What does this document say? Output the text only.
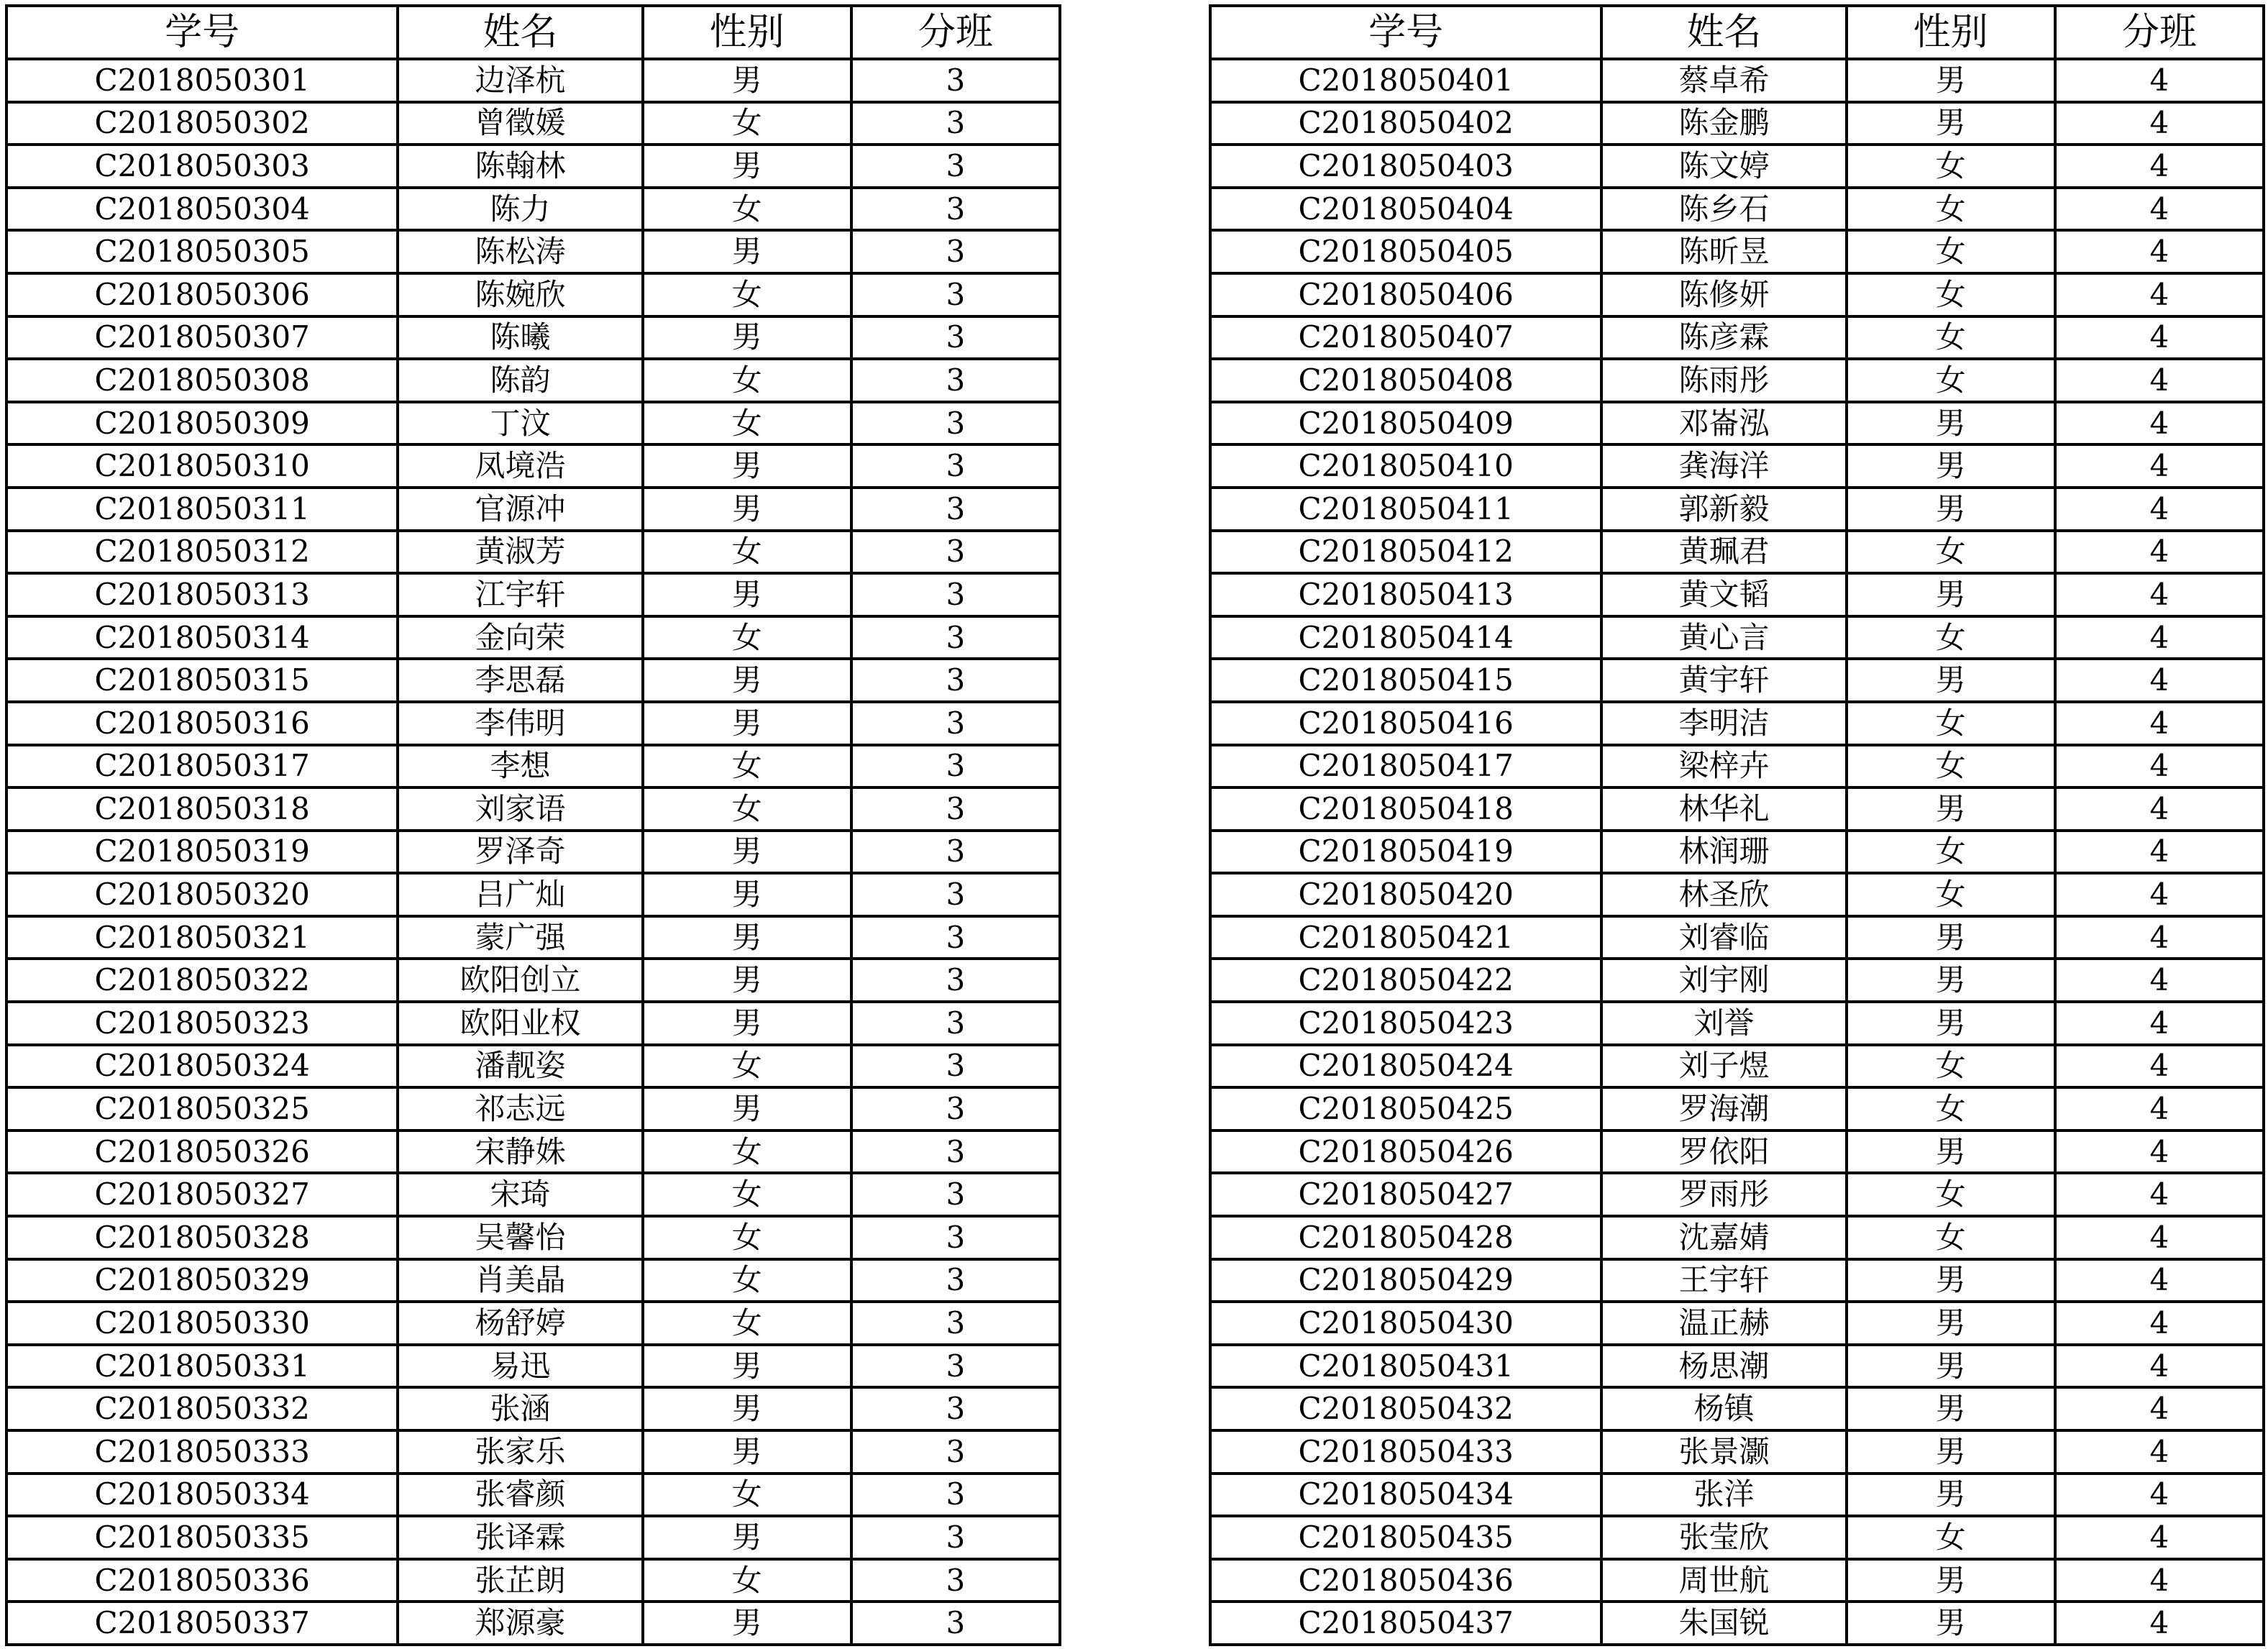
学号	姓名	性别	分班
C2018050301	边泽杭	男	3
C2018050302	曾徵媛	女	3
C2018050303	陈翰林	男	3
C2018050304	陈力	女	3
C2018050305	陈松涛	男	3
C2018050306	陈婉欣	女	3
C2018050307	陈曦	男	3
C2018050308	陈韵	女	3
C2018050309	丁汶	女	3
C2018050310	凤境浩	男	3
C2018050311	官源冲	男	3
C2018050312	黄淑芳	女	3
C2018050313	江宇轩	男	3
C2018050314	金向荣	女	3
C2018050315	李思磊	男	3
C2018050316	李伟明	男	3
C2018050317	李想	女	3
C2018050318	刘家语	女	3
C2018050319	罗泽奇	男	3
C2018050320	吕广灿	男	3
C2018050321	蒙广强	男	3
C2018050322	欧阳创立	男	3
C2018050323	欧阳业权	男	3
C2018050324	潘靓姿	女	3
C2018050325	祁志远	男	3
C2018050326	宋静姝	女	3
C2018050327	宋琦	女	3
C2018050328	吴馨怡	女	3
C2018050329	肖美晶	女	3
C2018050330	杨舒婷	女	3
C2018050331	易迅	男	3
C2018050332	张涵	男	3
C2018050333	张家乐	男	3
C2018050334	张睿颜	女	3
C2018050335	张译霖	男	3
C2018050336	张芷朗	女	3
C2018050337	郑源豪	男	3
学号	姓名	性别	分班
C2018050401	蔡卓希	男	4
C2018050402	陈金鹏	男	4
C2018050403	陈文婷	女	4
C2018050404	陈乡石	女	4
C2018050405	陈昕昱	女	4
C2018050406	陈修妍	女	4
C2018050407	陈彦霖	女	4
C2018050408	陈雨彤	女	4
C2018050409	邓崙泓	男	4
C2018050410	龚海洋	男	4
C2018050411	郭新毅	男	4
C2018050412	黄珮君	女	4
C2018050413	黄文韬	男	4
C2018050414	黄心言	女	4
C2018050415	黄宇轩	男	4
C2018050416	李明洁	女	4
C2018050417	梁梓卉	女	4
C2018050418	林华礼	男	4
C2018050419	林润珊	女	4
C2018050420	林圣欣	女	4
C2018050421	刘睿临	男	4
C2018050422	刘宇刚	男	4
C2018050423	刘誉	男	4
C2018050424	刘子煜	女	4
C2018050425	罗海潮	女	4
C2018050426	罗依阳	男	4
C2018050427	罗雨彤	女	4
C2018050428	沈嘉婧	女	4
C2018050429	王宇轩	男	4
C2018050430	温正赫	男	4
C2018050431	杨思潮	男	4
C2018050432	杨镇	男	4
C2018050433	张景灏	男	4
C2018050434	张洋	男	4
C2018050435	张莹欣	女	4
C2018050436	周世航	男	4
C2018050437	朱国锐	男	4
